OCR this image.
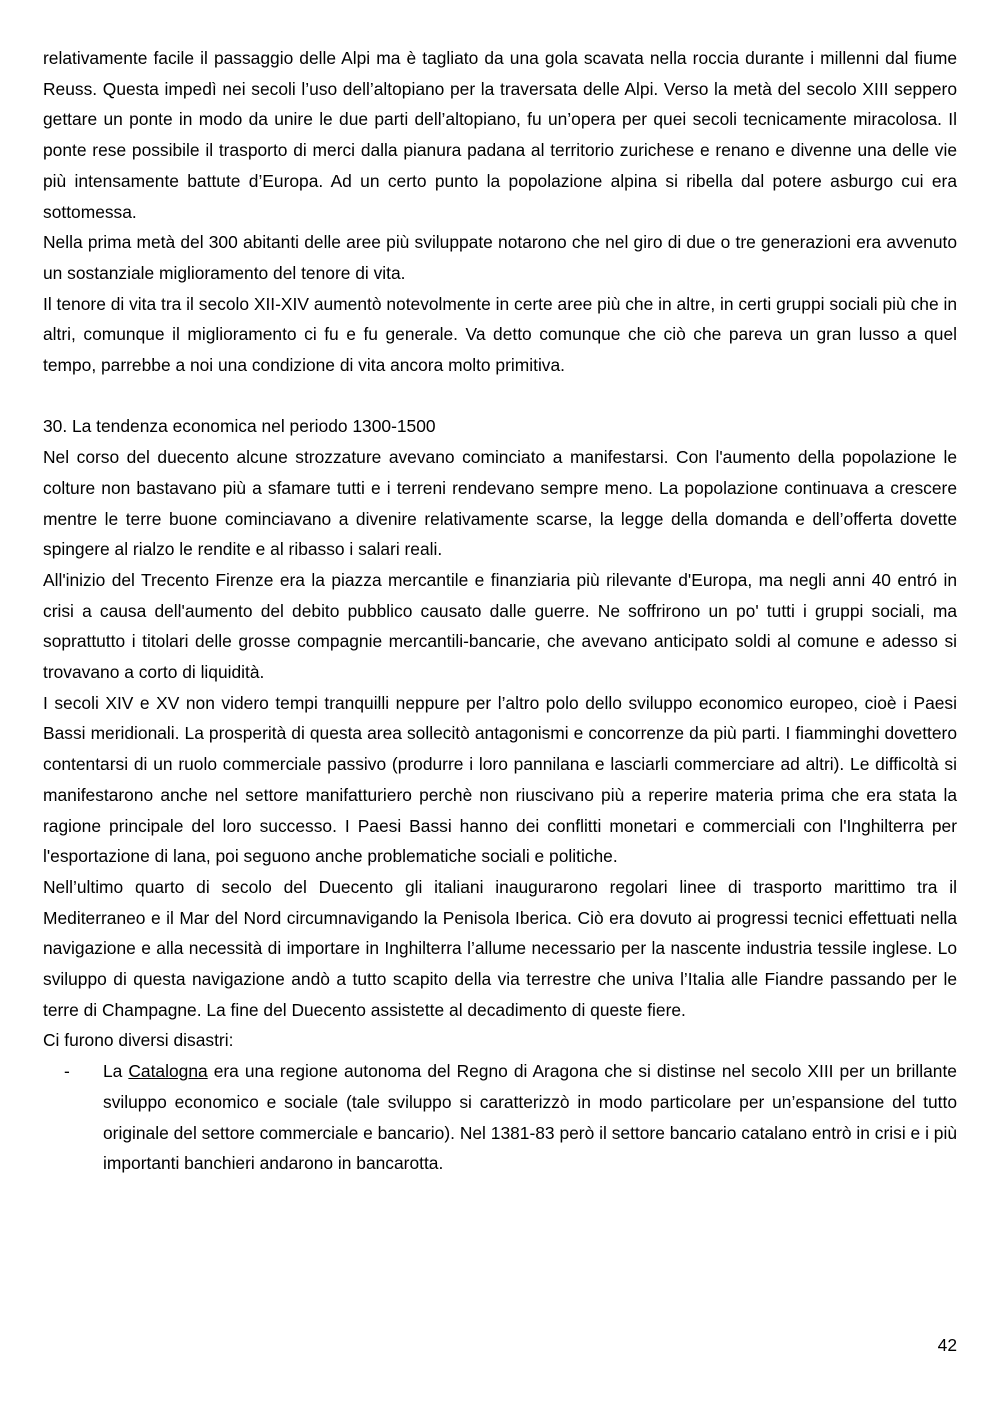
relativamente facile il passaggio delle Alpi ma è tagliato da una gola scavata nella roccia durante i millenni dal fiume Reuss. Questa impedì nei secoli l’uso dell’altopiano per la traversata delle Alpi. Verso la metà del secolo XIII seppero gettare un ponte in modo da unire le due parti dell’altopiano, fu un’opera per quei secoli tecnicamente miracolosa. Il ponte rese possibile il trasporto di merci dalla pianura padana al territorio zurichese e renano e divenne una delle vie più intensamente battute d’Europa. Ad un certo punto la popolazione alpina si ribella dal potere asburgo cui era sottomessa.

Nella prima metà del 300 abitanti delle aree più sviluppate notarono che nel giro di due o tre generazioni era avvenuto un sostanziale miglioramento del tenore di vita.

Il tenore di vita tra il secolo XII-XIV aumentò notevolmente in certe aree più che in altre, in certi gruppi sociali più che in altri, comunque il miglioramento ci fu e fu generale. Va detto comunque che ciò che pareva un gran lusso a quel tempo, parrebbe a noi una condizione di vita ancora molto primitiva.

30. La tendenza economica nel periodo 1300-1500

Nel corso del duecento alcune strozzature avevano cominciato a manifestarsi. Con l'aumento della popolazione le colture non bastavano più a sfamare tutti e i terreni rendevano sempre meno. La popolazione continuava a crescere mentre le terre buone cominciavano a divenire relativamente scarse, la legge della domanda e dell’offerta dovette spingere al rialzo le rendite e al ribasso i salari reali.

All'inizio del Trecento Firenze era la piazza mercantile e finanziaria più rilevante d'Europa, ma negli anni 40 entró in crisi a causa dell'aumento del debito pubblico causato dalle guerre. Ne soffrirono un po' tutti i gruppi sociali, ma soprattutto i titolari delle grosse compagnie mercantili-bancarie, che avevano anticipato soldi al comune e adesso si trovavano a corto di liquidità.

I secoli XIV e XV non videro tempi tranquilli neppure per l’altro polo dello sviluppo economico europeo, cioè i Paesi Bassi meridionali. La prosperità di questa area sollecitò antagonismi e concorrenze da più parti. I fiamminghi dovettero contentarsi di un ruolo commerciale passivo (produrre i loro pannilana e lasciarli commerciare ad altri). Le difficoltà si manifestarono anche nel settore manifatturiero perchè non riuscivano più a reperire materia prima che era stata la ragione principale del loro successo. I Paesi Bassi hanno dei conflitti monetari e commerciali con l'Inghilterra per l'esportazione di lana, poi seguono anche problematiche sociali e politiche.

Nell’ultimo quarto di secolo del Duecento gli italiani inaugurarono regolari linee di trasporto marittimo tra il Mediterraneo e il Mar del Nord circumnavigando la Penisola Iberica. Ciò era dovuto ai progressi tecnici effettuati nella navigazione e alla necessità di importare in Inghilterra l’allume necessario per la nascente industria tessile inglese. Lo sviluppo di questa navigazione andò a tutto scapito della via terrestre che univa l’Italia alle Fiandre passando per le terre di Champagne. La fine del Duecento assistette al decadimento di queste fiere.

Ci furono diversi disastri:

- La Catalogna era una regione autonoma del Regno di Aragona che si distinse nel secolo XIII per un brillante sviluppo economico e sociale (tale sviluppo si caratterizzò in modo particolare per un’espansione del tutto originale del settore commerciale e bancario). Nel 1381-83 però il settore bancario catalano entrò in crisi e i più importanti banchieri andarono in bancarotta.
42
